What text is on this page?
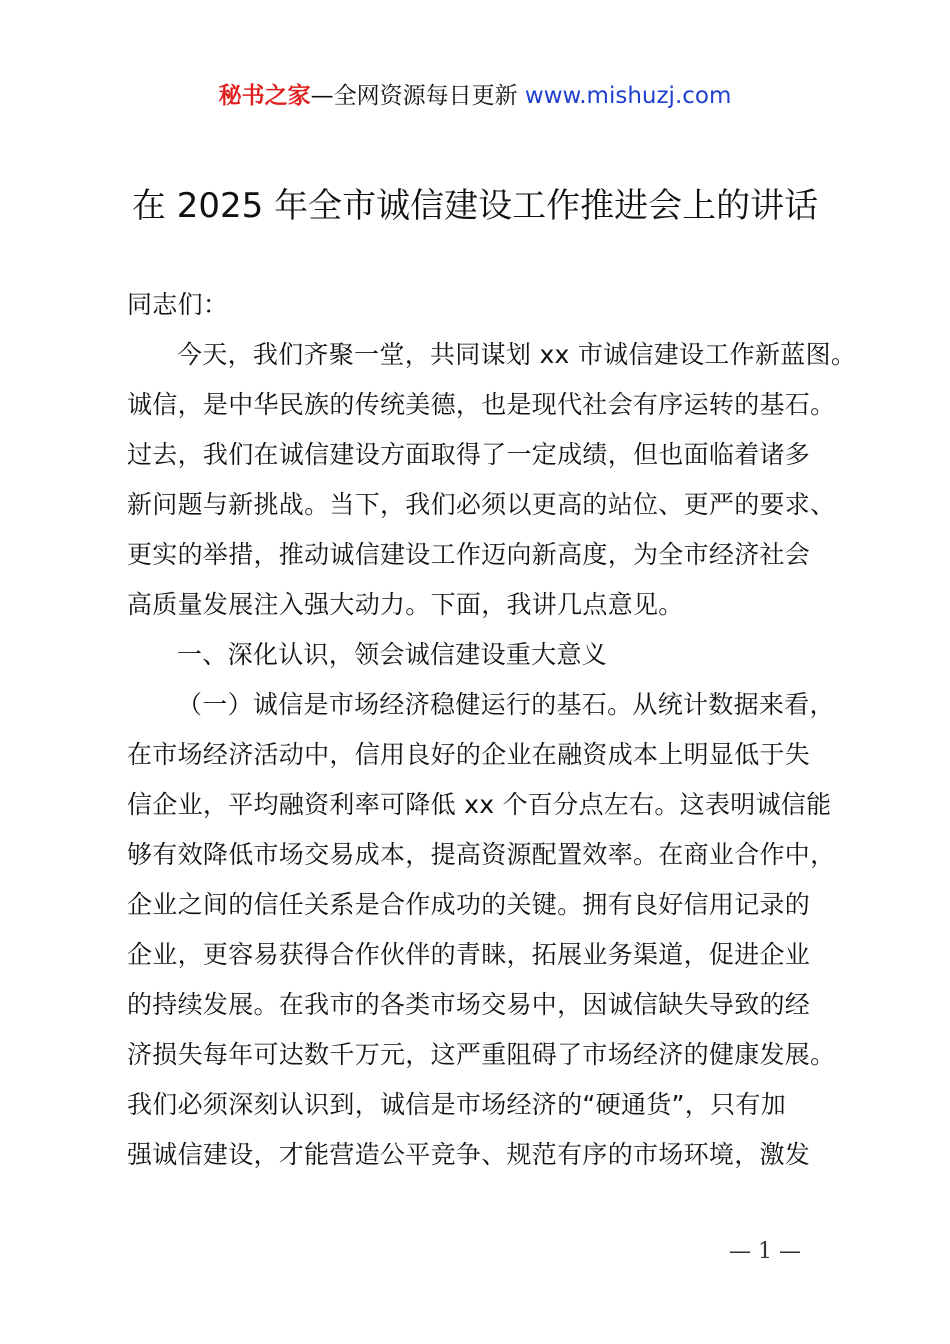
秘书之家—全网资源每日更新 www.mishuzj.com
在 2025 年全市诚信建设工作推进会上的讲话
同志们：
今天，我们齐聚一堂，共同谋划 xx 市诚信建设工作新蓝图。
诚信，是中华民族的传统美德，也是现代社会有序运转的基石。
过去，我们在诚信建设方面取得了一定成绩，但也面临着诸多
新问题与新挑战。当下，我们必须以更高的站位、更严的要求、
更实的举措，推动诚信建设工作迈向新高度，为全市经济社会
高质量发展注入强大动力。下面，我讲几点意见。
一、深化认识，领会诚信建设重大意义
（一）诚信是市场经济稳健运行的基石。从统计数据来看，
在市场经济活动中，信用良好的企业在融资成本上明显低于失
信企业，平均融资利率可降低 xx 个百分点左右。这表明诚信能
够有效降低市场交易成本，提高资源配置效率。在商业合作中，
企业之间的信任关系是合作成功的关键。拥有良好信用记录的
企业，更容易获得合作伙伴的青睐，拓展业务渠道，促进企业
的持续发展。在我市的各类市场交易中，因诚信缺失导致的经
济损失每年可达数千万元，这严重阻碍了市场经济的健康发展。
我们必须深刻认识到，诚信是市场经济的“硬通货”，只有加
强诚信建设，才能营造公平竞争、规范有序的市场环境，激发
— 1 —
